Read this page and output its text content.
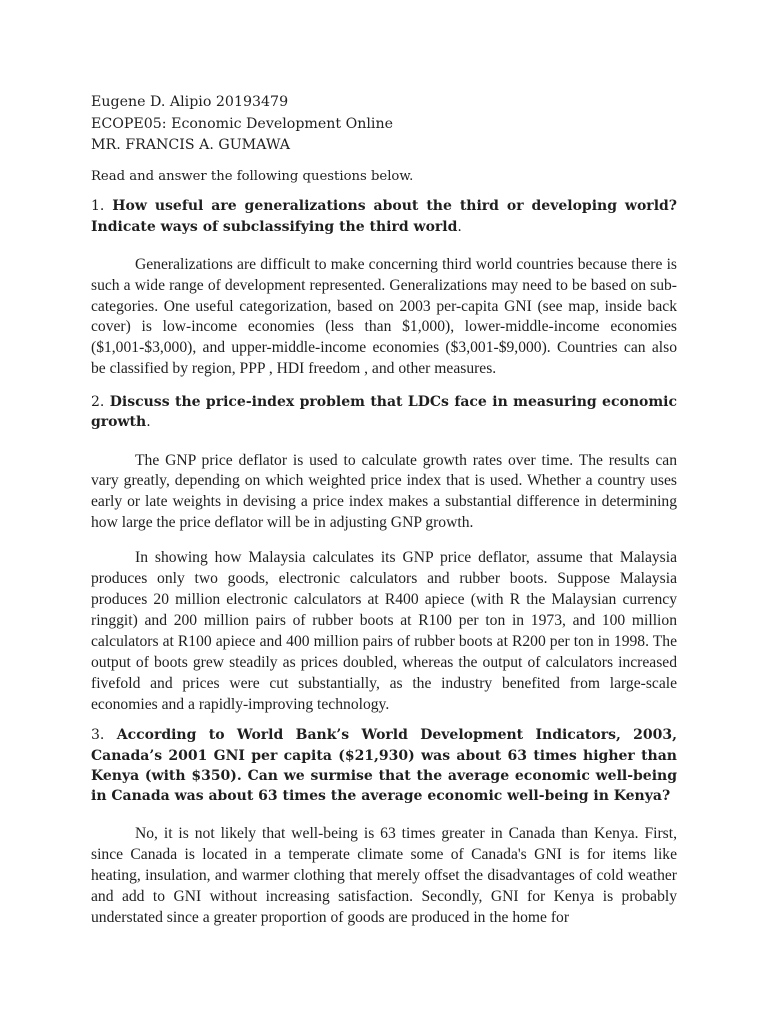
Eugene D. Alipio 20193479

ECOPE05: Economic Development Online

MR. FRANCIS A. GUMAWA

Read and answer the following questions below.

1. How useful are generalizations about the third or developing world? Indicate ways of subclassifying the third world.

Generalizations are difficult to make concerning third world countries because there is such a wide range of development represented. Generalizations may need to be based on sub-categories. One useful categorization, based on 2003 per-capita GNI (see map, inside back cover) is low-income economies (less than $1,000), lower-middle-income economies ($1,001-$3,000), and upper-middle-income economies ($3,001-$9,000). Countries can also be classified by region, PPP , HDI freedom , and other measures.

2. Discuss the price-index problem that LDCs face in measuring economic growth.

The GNP price deflator is used to calculate growth rates over time. The results can vary greatly, depending on which weighted price index that is used. Whether a country uses early or late weights in devising a price index makes a substantial difference in determining how large the price deflator will be in adjusting GNP growth.

In showing how Malaysia calculates its GNP price deflator, assume that Malaysia produces only two goods, electronic calculators and rubber boots. Suppose Malaysia produces 20 million electronic calculators at R400 apiece (with R the Malaysian currency ringgit) and 200 million pairs of rubber boots at R100 per ton in 1973, and 100 million calculators at R100 apiece and 400 million pairs of rubber boots at R200 per ton in 1998. The output of boots grew steadily as prices doubled, whereas the output of calculators increased fivefold and prices were cut substantially, as the industry benefited from large-scale economies and a rapidly-improving technology.

3. According to World Bank’s World Development Indicators, 2003, Canada’s 2001 GNI per capita ($21,930) was about 63 times higher than Kenya (with $350). Can we surmise that the average economic well-being in Canada was about 63 times the average economic well-being in Kenya?

No, it is not likely that well-being is 63 times greater in Canada than Kenya. First, since Canada is located in a temperate climate some of Canada's GNI is for items like heating, insulation, and warmer clothing that merely offset the disadvantages of cold weather and add to GNI without increasing satisfaction. Secondly, GNI for Kenya is probably understated since a greater proportion of goods are produced in the home for
